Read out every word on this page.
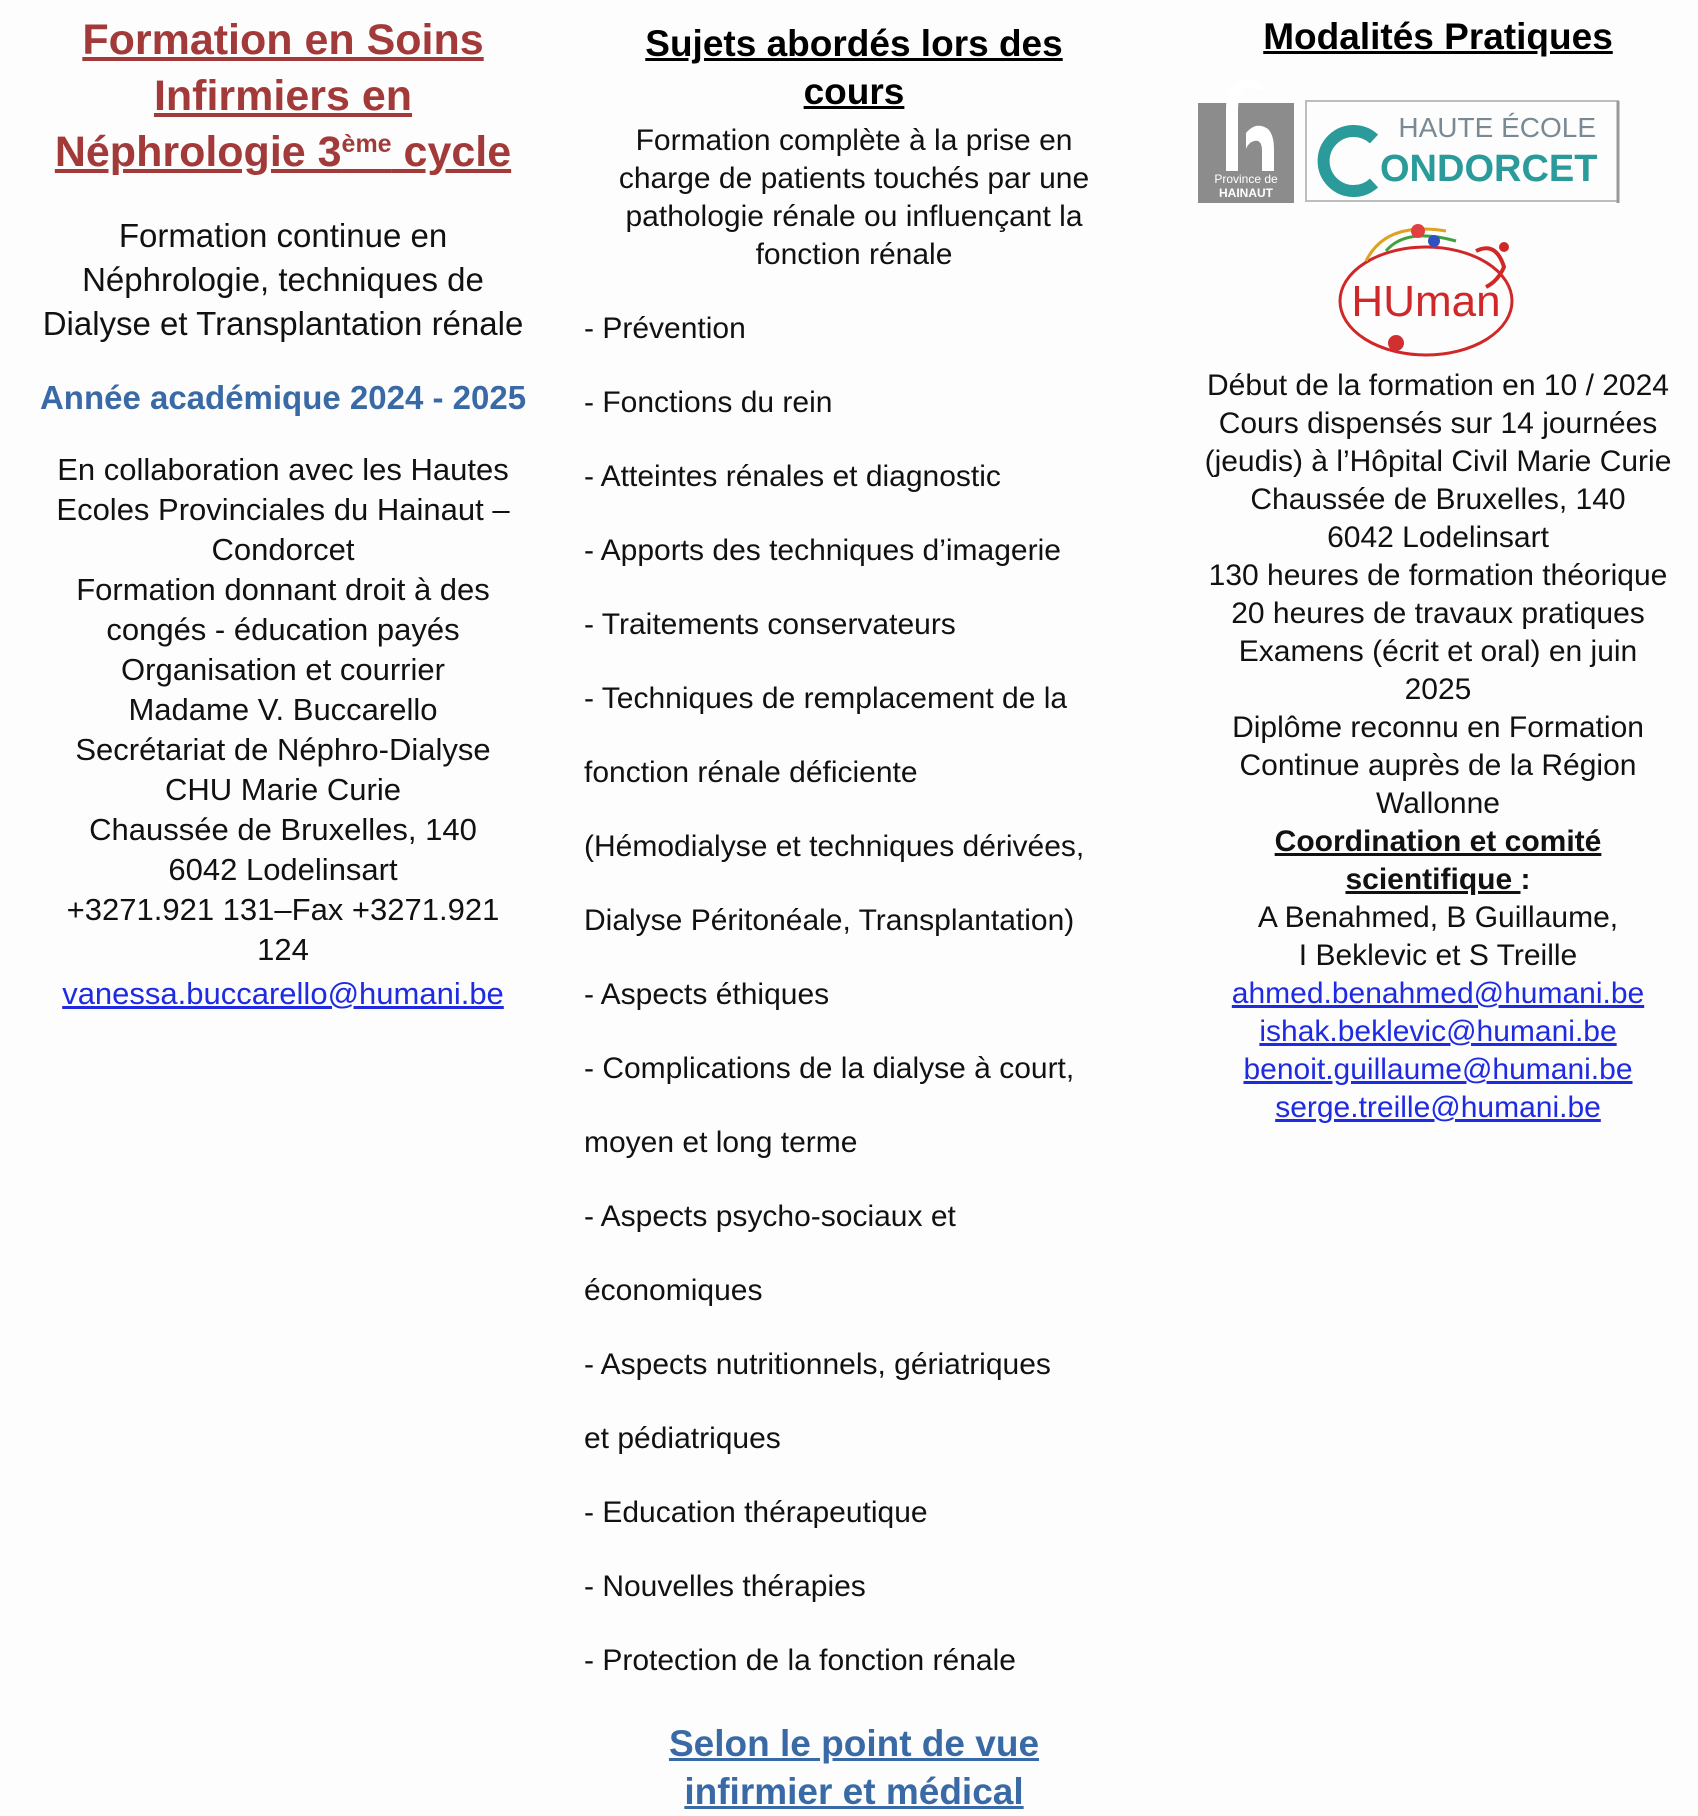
Formation en Soins
Infirmiers en
Néphrologie 3ème cycle
Formation continue en
Néphrologie, techniques de
Dialyse et Transplantation rénale
Année académique 2024 - 2025
En collaboration avec les Hautes
Ecoles Provinciales du Hainaut –
Condorcet
Formation donnant droit à des
congés - éducation payés
Organisation et courrier
Madame V. Buccarello
Secrétariat de Néphro-Dialyse
CHU Marie Curie
Chaussée de Bruxelles, 140
6042 Lodelinsart
+3271.921 131–Fax +3271.921
124
vanessa.buccarello@humani.be
Sujets abordés lors des
cours
Formation complète à la prise en
charge de patients touchés par une
pathologie rénale ou influençant la
fonction rénale

- Prévention

- Fonctions du rein

- Atteintes rénales et diagnostic

- Apports des techniques d’imagerie

- Traitements conservateurs

- Techniques de remplacement de la

fonction rénale déficiente

(Hémodialyse et techniques dérivées,

Dialyse Péritonéale, Transplantation)

- Aspects éthiques

- Complications de la dialyse à court,

moyen et long terme

- Aspects psycho-sociaux et

économiques

- Aspects nutritionnels, gériatriques

et pédiatriques

- Education thérapeutique

- Nouvelles thérapies

- Protection de la fonction rénale

Selon le point de vue
infirmier et médical
Modalités Pratiques
Province de
HAINAUT
HAUTE ÉCOLE
ONDORCET
HUman
Début de la formation en 10 / 2024
Cours dispensés sur 14 journées
(jeudis) à l’Hôpital Civil Marie Curie
Chaussée de Bruxelles, 140
6042 Lodelinsart
130 heures de formation théorique
20 heures de travaux pratiques
Examens (écrit et oral) en juin
2025
Diplôme reconnu en Formation
Continue auprès de la Région
Wallonne
Coordination et comité
scientifique :
A Benahmed, B Guillaume,
I Beklevic et S Treille
ahmed.benahmed@humani.be
ishak.beklevic@humani.be
benoit.guillaume@humani.be
serge.treille@humani.be
